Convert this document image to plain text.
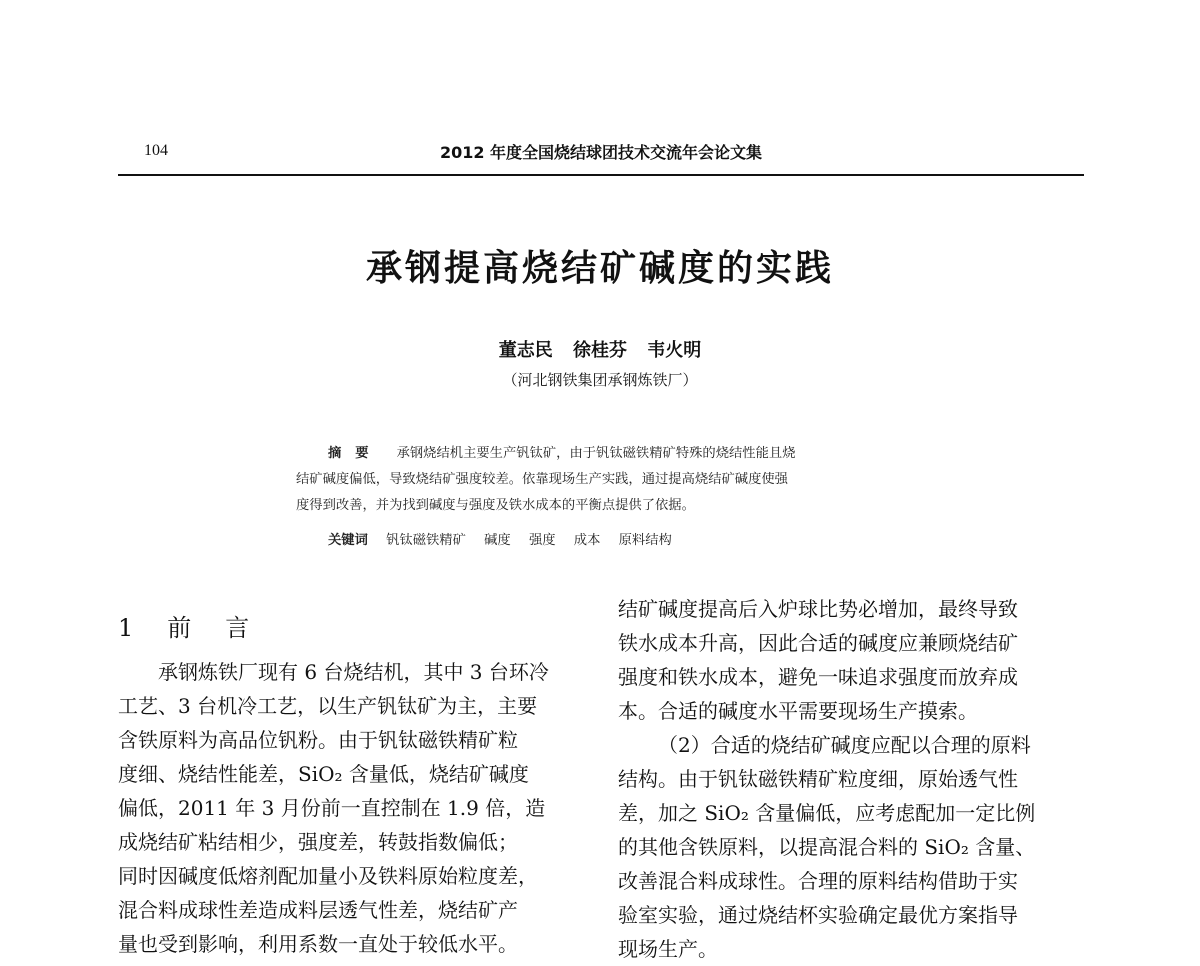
104	2012 年度全国烧结球团技术交流年会论文集
承钢提高烧结矿碱度的实践
董志民 徐桂芬 韦火明
（河北钢铁集团承钢炼铁厂）
摘要 承钢烧结机主要生产钒钛矿，由于钒钛磁铁精矿特殊的烧结性能且烧
结矿碱度偏低，导致烧结矿强度较差。依靠现场生产实践，通过提高烧结矿碱度使强
度得到改善，并为找到碱度与强度及铁水成本的平衡点提供了依据。
关键词 钒钛磁铁精矿 碱度 强度 成本 原料结构
1 前言
承钢炼铁厂现有 6 台烧结机，其中 3 台环冷
工艺、3 台机冷工艺，以生产钒钛矿为主，主要
含铁原料为高品位钒粉。由于钒钛磁铁精矿粒
度细、烧结性能差，SiO₂ 含量低，烧结矿碱度
偏低，2011 年 3 月份前一直控制在 1.9 倍，造
成烧结矿粘结相少，强度差，转鼓指数偏低；
同时因碱度低熔剂配加量小及铁料原始粒度差，
混合料成球性差造成料层透气性差，烧结矿产
量也受到影响，利用系数一直处于较低水平。
结矿碱度提高后入炉球比势必增加，最终导致
铁水成本升高，因此合适的碱度应兼顾烧结矿
强度和铁水成本，避免一味追求强度而放弃成
本。合适的碱度水平需要现场生产摸索。
（2）合适的烧结矿碱度应配以合理的原料
结构。由于钒钛磁铁精矿粒度细，原始透气性
差，加之 SiO₂ 含量偏低，应考虑配加一定比例
的其他含铁原料，以提高混合料的 SiO₂ 含量、
改善混合料成球性。合理的原料结构借助于实
验室实验，通过烧结杯实验确定最优方案指导
现场生产。
